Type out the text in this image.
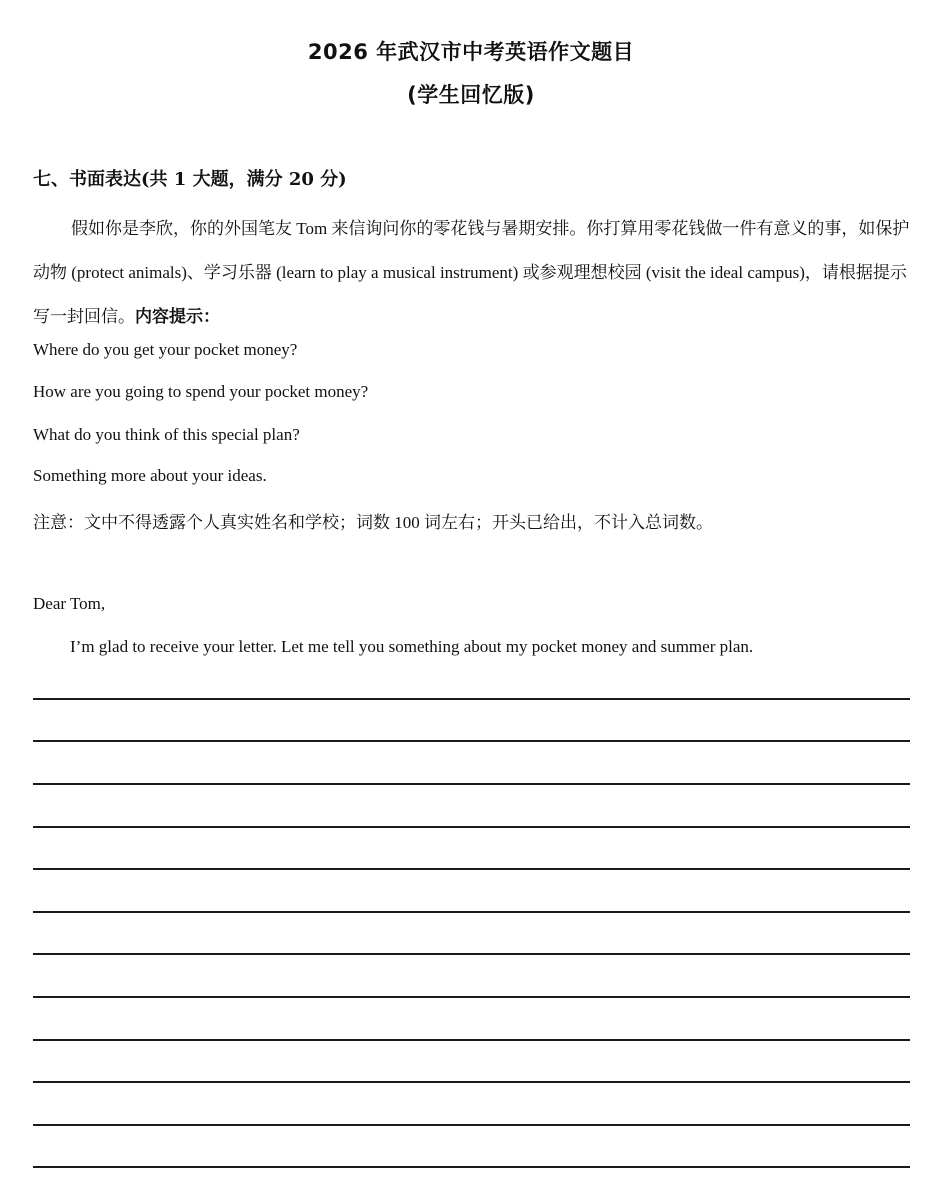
2026 年武汉市中考英语作文题目
(学生回忆版)
七、书面表达(共 1 大题，满分 20 分)
假如你是李欣，你的外国笔友 Tom 来信询问你的零花钱与暑期安排。你打算用零花钱做一件有意义的事，如保护动物 (protect animals)、学习乐器 (learn to play a musical instrument) 或参观理想校园 (visit the ideal campus)，请根据提示写一封回信。内容提示：
Where do you get your pocket money?
How are you going to spend your pocket money?
What do you think of this special plan?
Something more about your ideas.
注意：文中不得透露个人真实姓名和学校；词数 100 词左右；开头已给出，不计入总词数。
Dear Tom,
I’m glad to receive your letter. Let me tell you something about my pocket money and summer plan.
